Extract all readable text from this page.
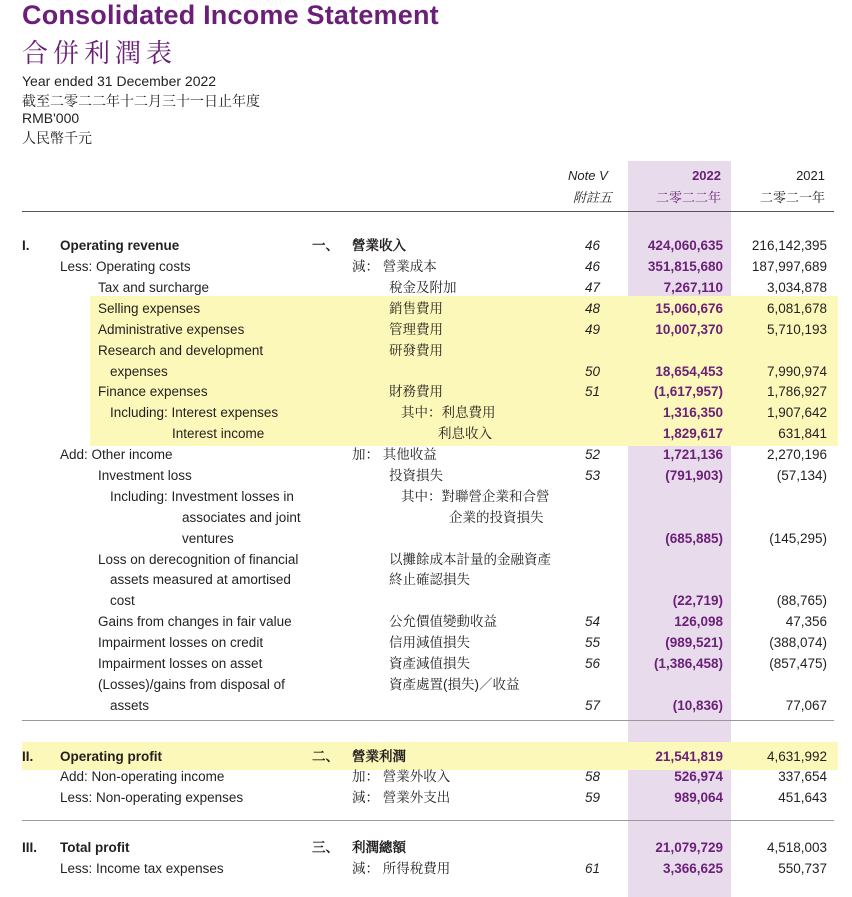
Consolidated Income Statement
合併利潤表
Year ended 31 December 2022
截至二零二二年十二月三十一日止年度
RMB'000
人民幣千元
Note V
附註五
2022
二零二二年
2021
二零二一年
I. Operating revenue	一、 營業收入	46	424,060,635	216,142,395
Less: Operating costs	減： 營業成本	46	351,815,680	187,997,689
Tax and surcharge	稅金及附加	47	7,267,110	3,034,878
Selling expenses	銷售費用	48	15,060,676	6,081,678
Administrative expenses	管理費用	49	10,007,370	5,710,193
Research and development	研發費用
expenses	50	18,654,453	7,990,974
Finance expenses	財務費用	51	(1,617,957)	1,786,927
Including: Interest expenses	其中：利息費用	1,316,350	1,907,642
Interest income	利息收入	1,829,617	631,841
Add: Other income	加： 其他收益	52	1,721,136	2,270,196
Investment loss	投資損失	53	(791,903)	(57,134)
Including: Investment losses in	其中：對聯營企業和合營
associates and joint	企業的投資損失
ventures	(685,885)	(145,295)
Loss on derecognition of financial	以攤餘成本計量的金融資產
assets measured at amortised	終止確認損失
cost	(22,719)	(88,765)
Gains from changes in fair value	公允價值變動收益	54	126,098	47,356
Impairment losses on credit	信用減值損失	55	(989,521)	(388,074)
Impairment losses on asset	資產減值損失	56	(1,386,458)	(857,475)
(Losses)/gains from disposal of	資產處置(損失)／收益
assets	57	(10,836)	77,067
II. Operating profit	二、 營業利潤	21,541,819	4,631,992
Add: Non-operating income	加： 營業外收入	58	526,974	337,654
Less: Non-operating expenses	減： 營業外支出	59	989,064	451,643
III. Total profit	三、 利潤總額	21,079,729	4,518,003
Less: Income tax expenses	減： 所得稅費用	61	3,366,625	550,737
